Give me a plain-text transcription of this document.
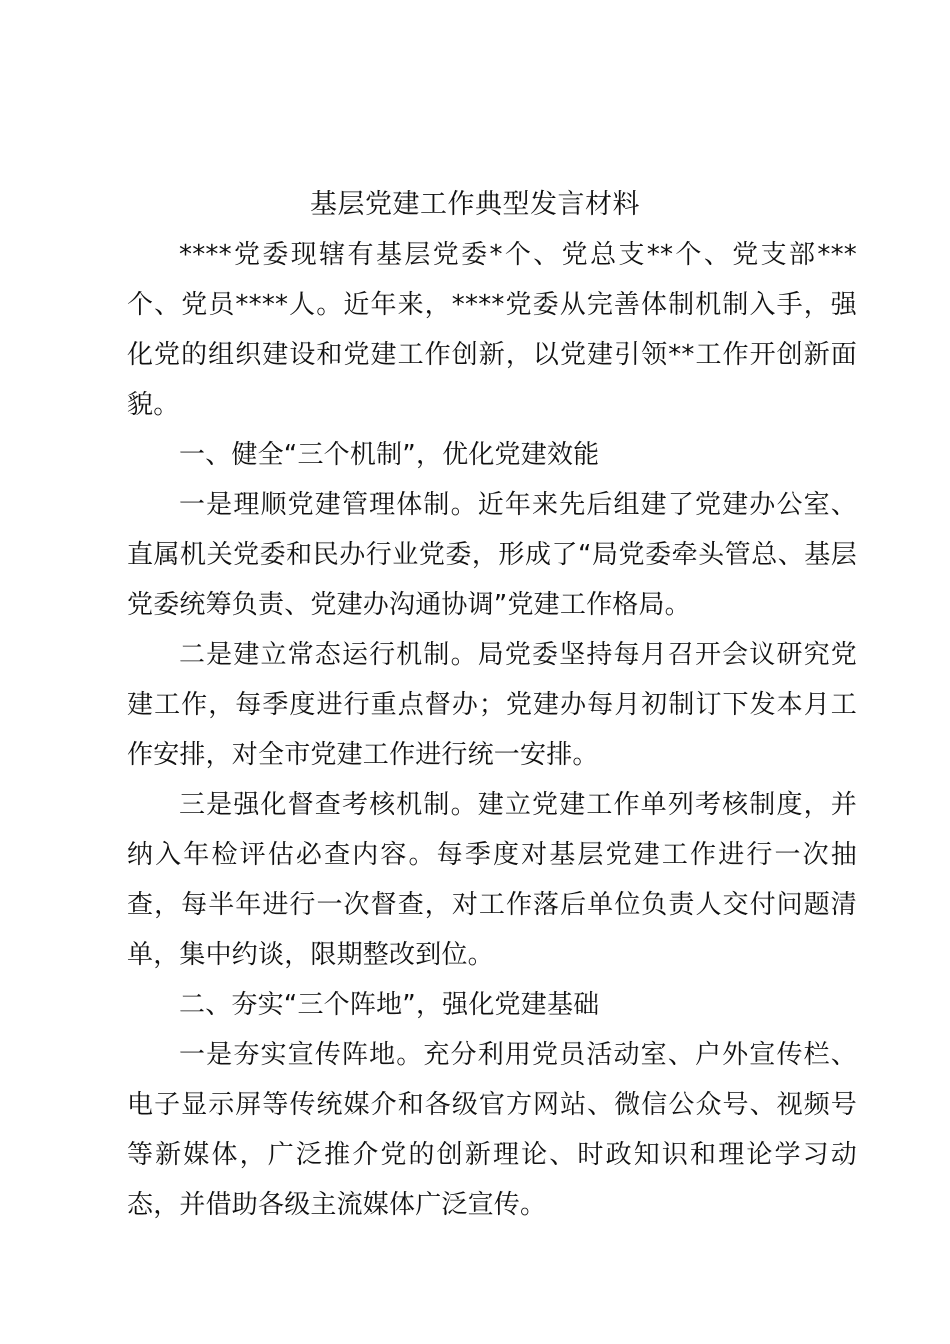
基层党建工作典型发言材料

****党委现辖有基层党委*个、党总支**个、党支部***个、党员****人。近年来，****党委从完善体制机制入手，强化党的组织建设和党建工作创新，以党建引领**工作开创新面貌。

一、健全“三个机制”，优化党建效能

一是理顺党建管理体制。近年来先后组建了党建办公室、直属机关党委和民办行业党委，形成了“局党委牵头管总、基层党委统筹负责、党建办沟通协调”党建工作格局。

二是建立常态运行机制。局党委坚持每月召开会议研究党建工作，每季度进行重点督办；党建办每月初制订下发本月工作安排，对全市党建工作进行统一安排。

三是强化督查考核机制。建立党建工作单列考核制度，并纳入年检评估必查内容。每季度对基层党建工作进行一次抽查，每半年进行一次督查，对工作落后单位负责人交付问题清单，集中约谈，限期整改到位。

二、夯实“三个阵地”，强化党建基础

一是夯实宣传阵地。充分利用党员活动室、户外宣传栏、电子显示屏等传统媒介和各级官方网站、微信公众号、视频号等新媒体，广泛推介党的创新理论、时政知识和理论学习动态，并借助各级主流媒体广泛宣传。
